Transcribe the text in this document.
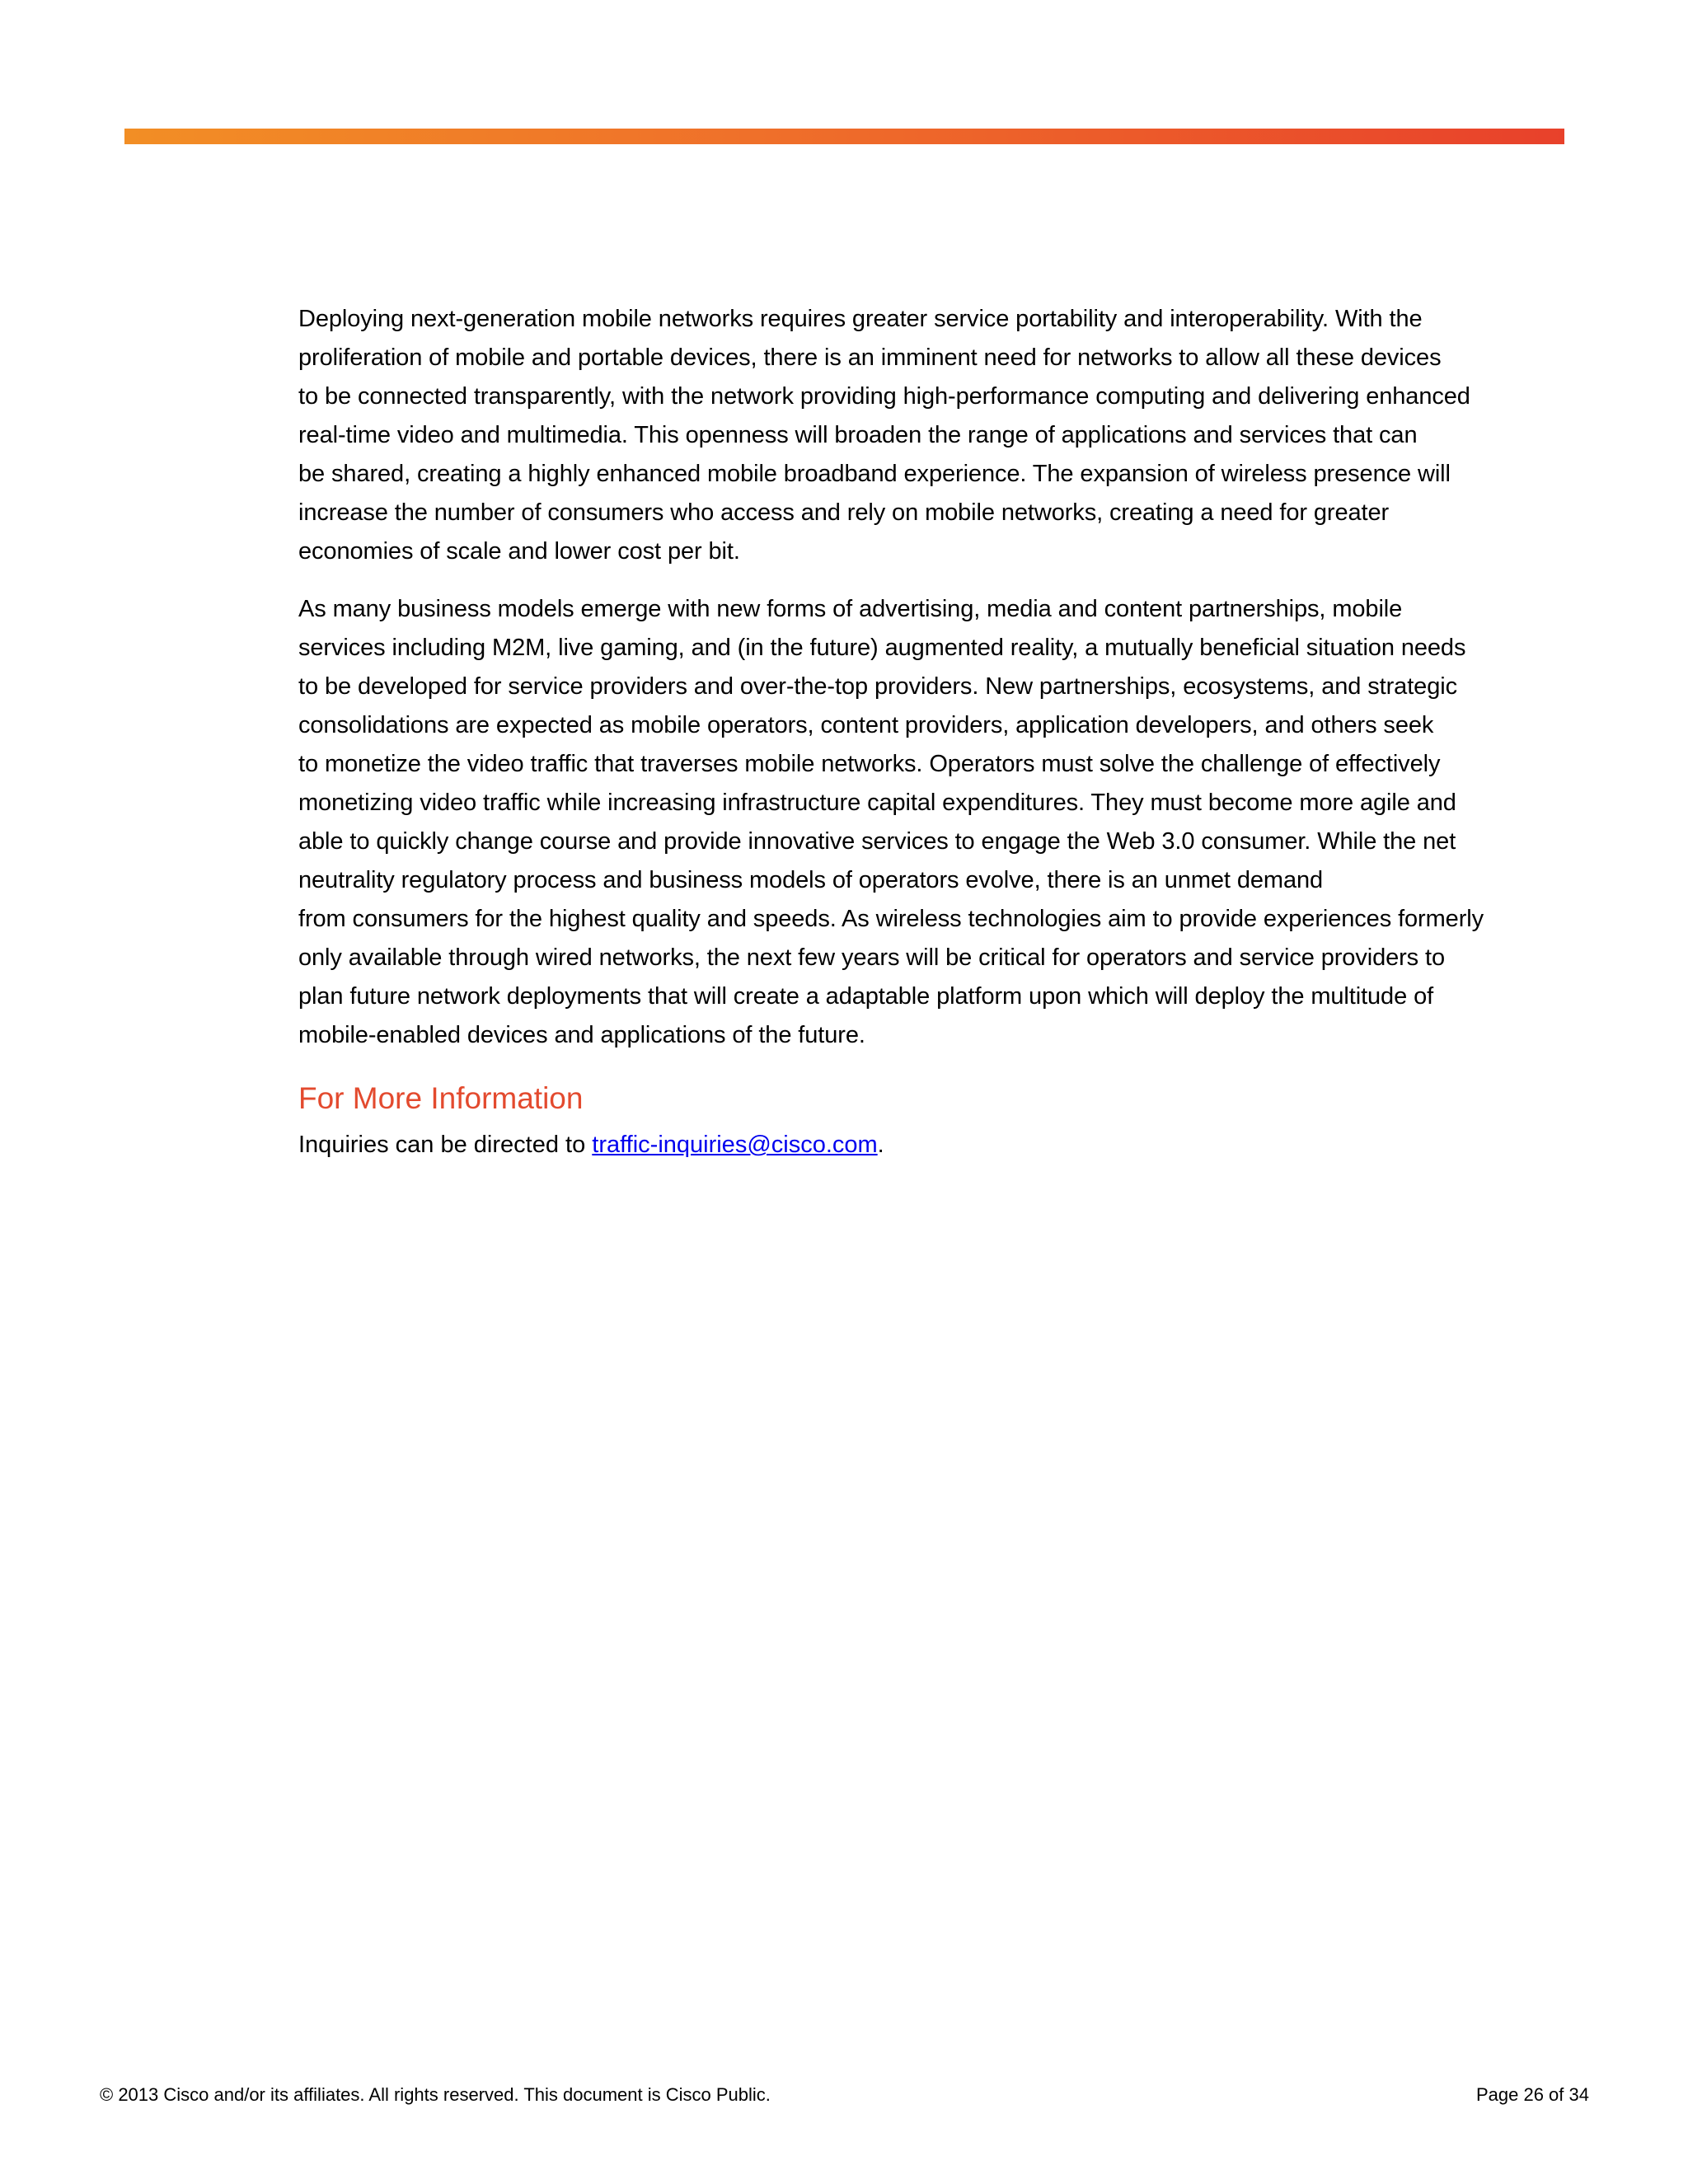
Deploying next-generation mobile networks requires greater service portability and interoperability. With the
proliferation of mobile and portable devices, there is an imminent need for networks to allow all these devices
to be connected transparently, with the network providing high-performance computing and delivering enhanced
real-time video and multimedia. This openness will broaden the range of applications and services that can
be shared, creating a highly enhanced mobile broadband experience. The expansion of wireless presence will
increase the number of consumers who access and rely on mobile networks, creating a need for greater
economies of scale and lower cost per bit.
As many business models emerge with new forms of advertising, media and content partnerships, mobile
services including M2M, live gaming, and (in the future) augmented reality, a mutually beneficial situation needs
to be developed for service providers and over-the-top providers. New partnerships, ecosystems, and strategic
consolidations are expected as mobile operators, content providers, application developers, and others seek
to monetize the video traffic that traverses mobile networks. Operators must solve the challenge of effectively
monetizing video traffic while increasing infrastructure capital expenditures. They must become more agile and
able to quickly change course and provide innovative services to engage the Web 3.0 consumer. While the net
neutrality regulatory process and business models of operators evolve, there is an unmet demand
from consumers for the highest quality and speeds. As wireless technologies aim to provide experiences formerly
only available through wired networks, the next few years will be critical for operators and service providers to
plan future network deployments that will create a adaptable platform upon which will deploy the multitude of
mobile-enabled devices and applications of the future.
For More Information
Inquiries can be directed to traffic-inquiries@cisco.com.
© 2013 Cisco and/or its affiliates. All rights reserved. This document is Cisco Public.	Page 26 of 34
